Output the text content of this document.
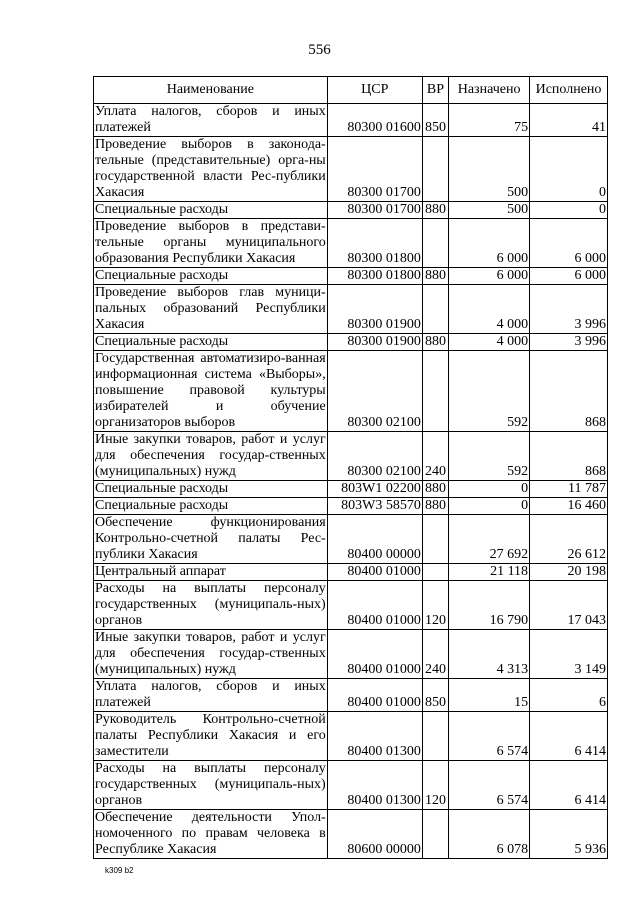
556
Наименование	ЦСР	ВР	Назначено	Исполнено
Уплата налогов, сборов и иных платежей	80300 01600	850	75	41
Проведение выборов в законода-тельные (представительные) орга-ны государственной власти Рес-публики Хакасия	80300 01700		500	0
Специальные расходы	80300 01700	880	500	0
Проведение выборов в представи-тельные органы муниципального образования Республики Хакасия	80300 01800		6 000	6 000
Специальные расходы	80300 01800	880	6 000	6 000
Проведение выборов глав муници-пальных образований Республики Хакасия	80300 01900		4 000	3 996
Специальные расходы	80300 01900	880	4 000	3 996
Государственная автоматизиро-ванная информационная система «Выборы», повышение правовой культуры избирателей и обучение организаторов выборов	80300 02100		592	868
Иные закупки товаров, работ и услуг для обеспечения государ-ственных (муниципальных) нужд	80300 02100	240	592	868
Специальные расходы	803W1 02200	880	0	11 787
Специальные расходы	803W3 58570	880	0	16 460
Обеспечение функционирования Контрольно-счетной палаты Рес-публики Хакасия	80400 00000		27 692	26 612
Центральный аппарат	80400 01000		21 118	20 198
Расходы на выплаты персоналу государственных (муниципаль-ных) органов	80400 01000	120	16 790	17 043
Иные закупки товаров, работ и услуг для обеспечения государ-ственных (муниципальных) нужд	80400 01000	240	4 313	3 149
Уплата налогов, сборов и иных платежей	80400 01000	850	15	6
Руководитель Контрольно-счетной палаты Республики Хакасия и его заместители	80400 01300		6 574	6 414
Расходы на выплаты персоналу государственных (муниципаль-ных) органов	80400 01300	120	6 574	6 414
Обеспечение деятельности Упол-номоченного по правам человека в Республике Хакасия	80600 00000		6 078	5 936
k309 b2
